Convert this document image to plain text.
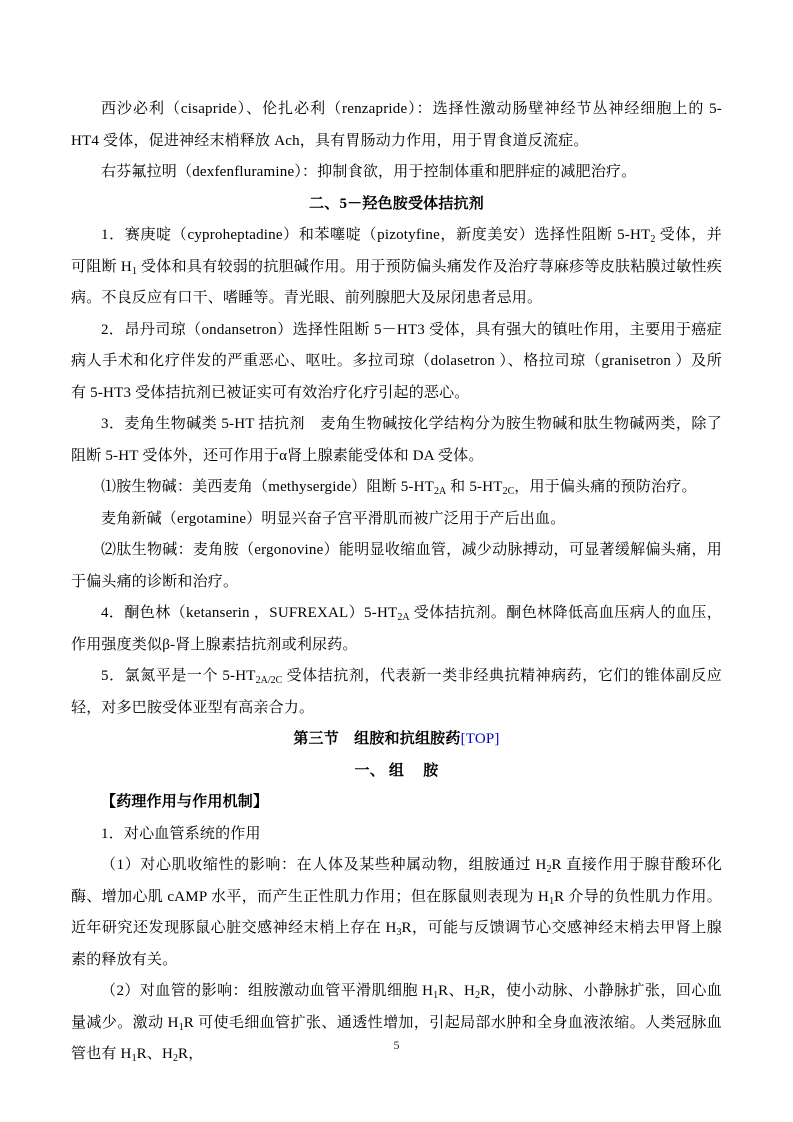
西沙必利（cisapride）、伦扎必利（renzapride）：选择性激动肠壁神经节丛神经细胞上的 5-HT4 受体，促进神经末梢释放 Ach，具有胃肠动力作用，用于胃食道反流症。

右芬氟拉明（dexfenfluramine）：抑制食欲，用于控制体重和肥胖症的减肥治疗。

二、5－羟色胺受体拮抗剂

1．赛庚啶（cyproheptadine）和苯噻啶（pizotyfine，新度美安）选择性阻断 $5-HT_2$ 受体，并可阻断 $H_1$ 受体和具有较弱的抗胆碱作用。用于预防偏头痛发作及治疗荨麻疹等皮肤粘膜过敏性疾病。不良反应有口干、嗜睡等。青光眼、前列腺肥大及尿闭患者忌用。

2．昂丹司琼（ondansetron）选择性阻断 5－HT3 受体，具有强大的镇吐作用，主要用于癌症病人手术和化疗伴发的严重恶心、呕吐。多拉司琼（dolasetron ）、格拉司琼（granisetron ）及所有 5-HT3 受体拮抗剂已被证实可有效治疗化疗引起的恶心。

3．麦角生物碱类 5-HT 拮抗剂　麦角生物碱按化学结构分为胺生物碱和肽生物碱两类，除了阻断 5-HT 受体外，还可作用于α肾上腺素能受体和 DA 受体。

⑴胺生物碱：美西麦角（methysergide）阻断 $5-HT_{2A}$ 和 $5-HT_{2C}$，用于偏头痛的预防治疗。

麦角新碱（ergotamine）明显兴奋子宫平滑肌而被广泛用于产后出血。

⑵肽生物碱：麦角胺（ergonovine）能明显收缩血管，减少动脉搏动，可显著缓解偏头痛，用于偏头痛的诊断和治疗。

4．酮色林（ketanserin ，$SUFREXAL)5-HT_{2A}$ 受体拮抗剂。酮色林降低高血压病人的血压，作用强度类似β-肾上腺素拮抗剂或利尿药。

5．氯氮平是一个 $5-HT_{2A/2C}$ 受体拮抗剂，代表新一类非经典抗精神病药，它们的锥体副反应轻，对多巴胺受体亚型有高亲合力。

第三节　组胺和抗组胺药[TOP]

一、 组　 胺

【药理作用与作用机制】

1．对心血管系统的作用

（1）对心肌收缩性的影响：在人体及某些种属动物，组胺通过 $H_2R$ 直接作用于腺苷酸环化酶、增加心肌 cAMP 水平，而产生正性肌力作用；但在豚鼠则表现为 $H_1R$ 介导的负性肌力作用。近年研究还发现豚鼠心脏交感神经末梢上存在 $H_3R$，可能与反馈调节心交感神经末梢去甲肾上腺素的释放有关。

（2）对血管的影响：组胺激动血管平滑肌细胞 $H_1R$、$H_2R$，使小动脉、小静脉扩张，回心血量减少。激动 $H_1R$ 可使毛细血管扩张、通透性增加，引起局部水肿和全身血液浓缩。人类冠脉血管也有 $H_1R$、$H_2R$，

5
